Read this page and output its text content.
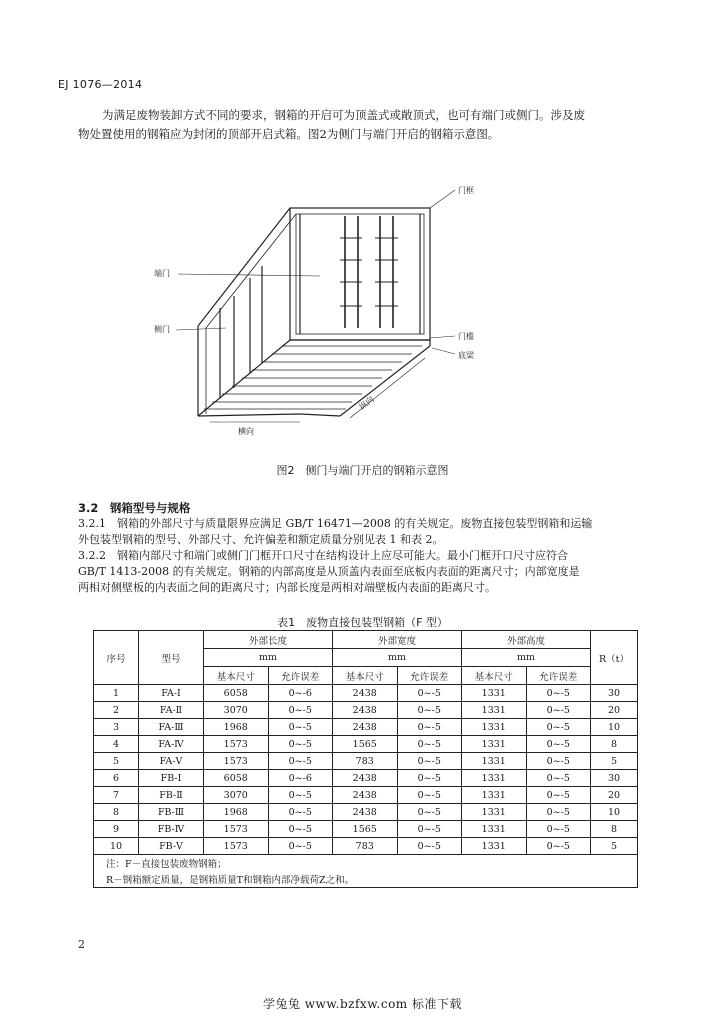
EJ 1076—2014
为满足废物装卸方式不同的要求，钢箱的开启可为顶盖式或敞顶式，也可有端门或侧门。涉及废
物处置使用的钢箱应为封闭的顶部开启式箱。图2为侧门与端门开启的钢箱示意图。
门框
端门
侧门
门槛
底梁
纵向
横向
图2　侧门与端门开启的钢箱示意图
3.2　钢箱型号与规格
3.2.1　钢箱的外部尺寸与质量限界应满足 GB/T 16471—2008 的有关规定。废物直接包装型钢箱和运输
外包装型钢箱的型号、外部尺寸、允许偏差和额定质量分别见表 1 和表 2。
3.2.2　钢箱内部尺寸和端门或侧门门框开口尺寸在结构设计上应尽可能大。最小门框开口尺寸应符合
GB/T 1413-2008 的有关规定。钢箱的内部高度是从顶盖内表面至底板内表面的距离尺寸；内部宽度是
两相对侧壁板的内表面之间的距离尺寸；内部长度是两相对端壁板内表面的距离尺寸。
表1　废物直接包装型钢箱（F 型）
序号	型号	外部长度		外部宽度		外部高度		R（t）
		mm		mm		mm		
		基本尺寸	允许误差	基本尺寸	允许误差	基本尺寸	允许误差	
1	FA-Ⅰ	6058	0~-6	2438	0~-5	1331	0~-5	30
2	FA-Ⅱ	3070	0~-5	2438	0~-5	1331	0~-5	20
3	FA-Ⅲ	1968	0~-5	2438	0~-5	1331	0~-5	10
4	FA-Ⅳ	1573	0~-5	1565	0~-5	1331	0~-5	8
5	FA-Ⅴ	1573	0~-5	783	0~-5	1331	0~-5	5
6	FB-Ⅰ	6058	0~-6	2438	0~-5	1331	0~-5	30
7	FB-Ⅱ	3070	0~-5	2438	0~-5	1331	0~-5	20
8	FB-Ⅲ	1968	0~-5	2438	0~-5	1331	0~-5	10
9	FB-Ⅳ	1573	0~-5	1565	0~-5	1331	0~-5	8
10	FB-Ⅴ	1573	0~-5	783	0~-5	1331	0~-5	5
注：F－直接包装废物钢箱；								
R－钢箱额定质量，是钢箱质量T和钢箱内部净载荷Z之和。								
2
学兔兔 www.bzfxw.com 标准下载
